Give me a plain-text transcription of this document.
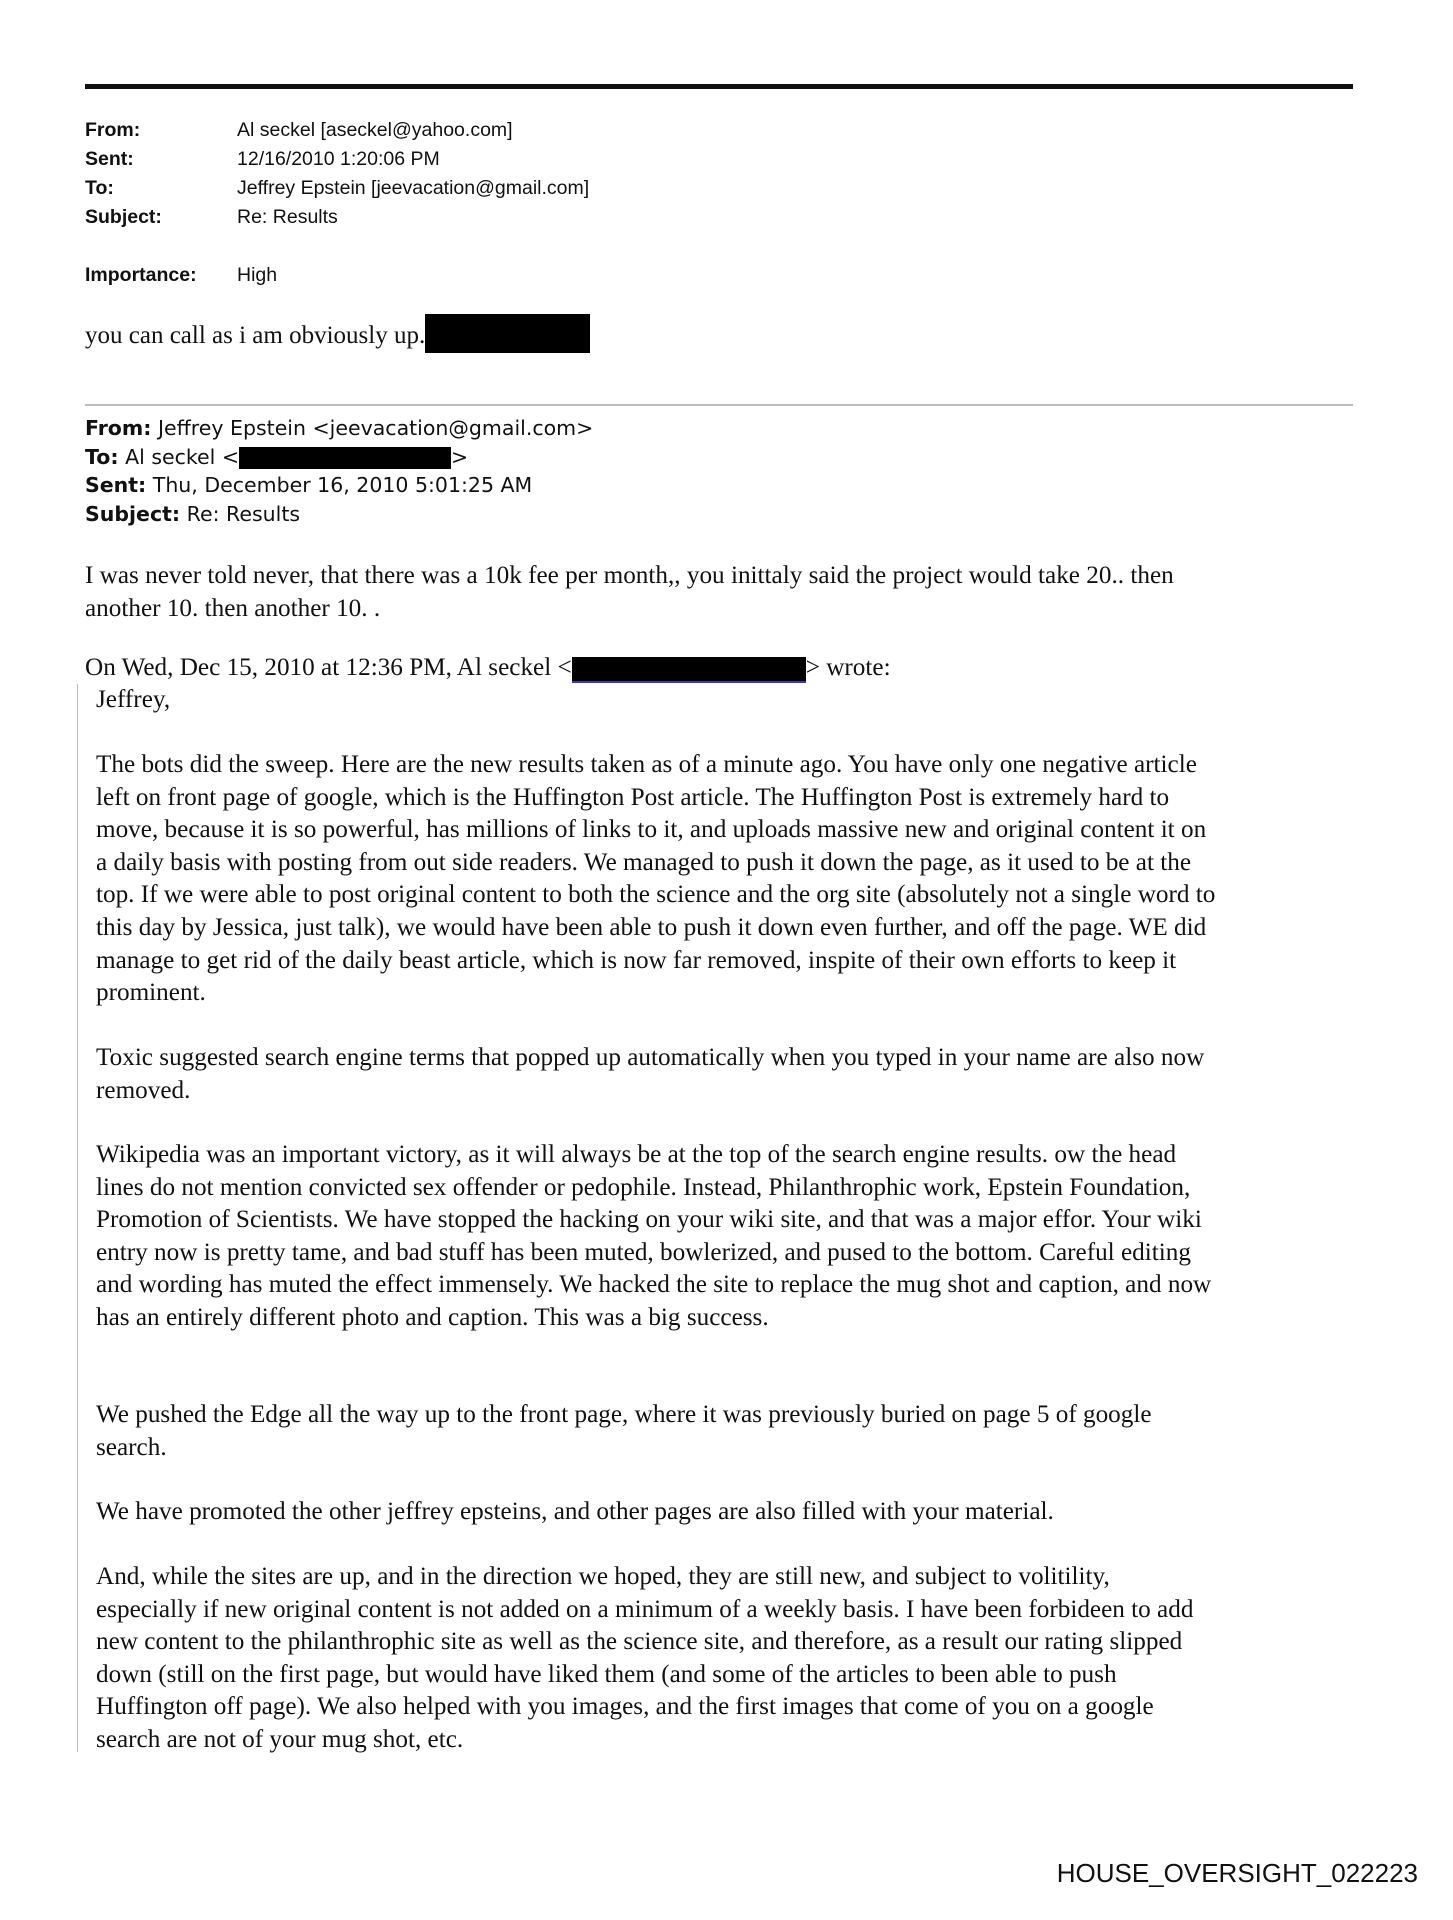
From:	Al seckel [aseckel@yahoo.com]
Sent:	12/16/2010 1:20:06 PM
To:	Jeffrey Epstein [jeevacation@gmail.com]
Subject:	Re: Results
Importance:	High
you can call as i am obviously up.
From: Jeffrey Epstein <jeevacation@gmail.com>
To: Al seckel <	>
Sent: Thu, December 16, 2010 5:01:25 AM
Subject: Re: Results
I was never told never, that there was a 10k fee per month,, you inittaly said the project would take 20.. then
another 10. then another 10. .
On Wed, Dec 15, 2010 at 12:36 PM, Al seckel <	> wrote:
Jeffrey,
The bots did the sweep. Here are the new results taken as of a minute ago. You have only one negative article
left on front page of google, which is the Huffington Post article. The Huffington Post is extremely hard to
move, because it is so powerful, has millions of links to it, and uploads massive new and original content it on
a daily basis with posting from out side readers. We managed to push it down the page, as it used to be at the
top. If we were able to post original content to both the science and the org site (absolutely not a single word to
this day by Jessica, just talk), we would have been able to push it down even further, and off the page. WE did
manage to get rid of the daily beast article, which is now far removed, inspite of their own efforts to keep it
prominent.
Toxic suggested search engine terms that popped up automatically when you typed in your name are also now
removed.
Wikipedia was an important victory, as it will always be at the top of the search engine results. ow the head
lines do not mention convicted sex offender or pedophile. Instead, Philanthrophic work, Epstein Foundation,
Promotion of Scientists. We have stopped the hacking on your wiki site, and that was a major effor. Your wiki
entry now is pretty tame, and bad stuff has been muted, bowlerized, and pused to the bottom. Careful editing
and wording has muted the effect immensely. We hacked the site to replace the mug shot and caption, and now
has an entirely different photo and caption. This was a big success.
We pushed the Edge all the way up to the front page, where it was previously buried on page 5 of google
search.
We have promoted the other jeffrey epsteins, and other pages are also filled with your material.
And, while the sites are up, and in the direction we hoped, they are still new, and subject to volitility,
especially if new original content is not added on a minimum of a weekly basis. I have been forbideen to add
new content to the philanthrophic site as well as the science site, and therefore, as a result our rating slipped
down (still on the first page, but would have liked them (and some of the articles to been able to push
Huffington off page). We also helped with you images, and the first images that come of you on a google
search are not of your mug shot, etc.
HOUSE_OVERSIGHT_022223
